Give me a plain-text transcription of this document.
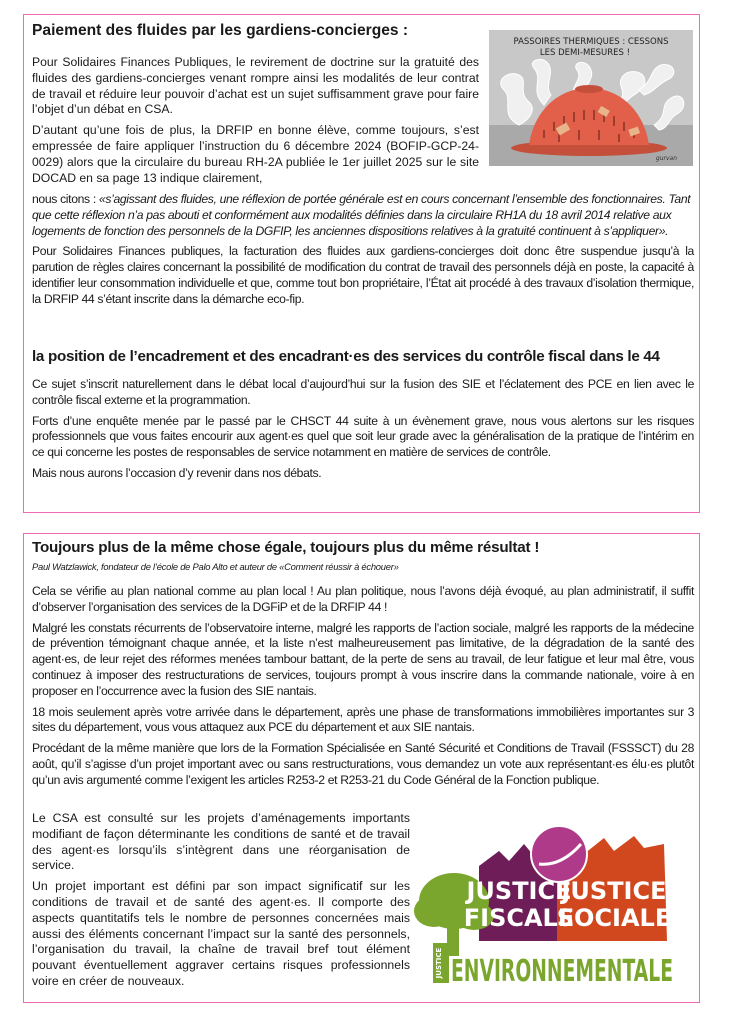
Paiement des fluides par les gardiens-concierges :

Pour Solidaires Finances Publiques, le revirement de doctrine sur la gratuité des fluides des gardiens-concierges venant rompre ainsi les modalités de leur contrat de travail et réduire leur pouvoir d’achat est un sujet suffisamment grave pour faire l’objet d’un débat en CSA.

D’autant qu’une fois de plus, la DRFIP en bonne élève, comme toujours, s’est empressée de faire appliquer l’instruction du 6 décembre 2024 (BOFIP-GCP-24-0029) alors que la circulaire du bureau RH-2A publiée le 1er juillet 2025 sur le site DOCAD en sa page 13 indique clairement,

PASSOIRES THERMIQUES : CESSONS
LES DEMI-MESURES !
gurvan

nous citons : «s’agissant des fluides, une réflexion de portée générale est en cours concernant l’ensemble des fonctionnaires. Tant que cette réflexion n’a pas abouti et conformément aux modalités définies dans la circulaire RH1A du 18 avril 2014 relative aux logements de fonction des personnels de la DGFIP, les anciennes dispositions relatives à la gratuité continuent à s’appliquer».

Pour Solidaires Finances publiques, la facturation des fluides aux gardiens-concierges doit donc être suspendue jusqu’à la parution de règles claires concernant la possibilité de modification du contrat de travail des personnels déjà en poste, la capacité à identifier leur consommation individuelle et que, comme tout bon propriétaire, l’État ait procédé à des travaux d’isolation thermique, la DRFIP 44 s’étant inscrite dans la démarche eco-fip.

la position de l’encadrement et des encadrant·es des services du contrôle fiscal dans le 44

Ce sujet s’inscrit naturellement dans le débat local d’aujourd’hui sur la fusion des SIE et l’éclatement des PCE en lien avec le contrôle fiscal externe et la programmation.

Forts d’une enquête menée par le passé par le CHSCT 44 suite à un évènement grave, nous vous alertons sur les risques professionnels que vous faites encourir aux agent·es quel que soit leur grade avec la généralisation de la pratique de l’intérim en ce qui concerne les postes de responsables de service notamment en matière de services de contrôle.

Mais nous aurons l’occasion d’y revenir dans nos débats.

Toujours plus de la même chose égale, toujours plus du même résultat !
Paul Watzlawick, fondateur de l’école de Palo Alto et auteur de «Comment réussir à échouer»

Cela se vérifie au plan national comme au plan local ! Au plan politique, nous l’avons déjà évoqué, au plan administratif, il suffit d’observer l’organisation des services de la DGFiP et de la DRFIP 44 !

Malgré les constats récurrents de l’observatoire interne, malgré les rapports de l’action sociale, malgré les rapports de la médecine de prévention témoignant chaque année, et la liste n’est malheureusement pas limitative, de la dégradation de la santé des agent·es, de leur rejet des réformes menées tambour battant, de la perte de sens au travail, de leur fatigue et leur mal être, vous continuez à imposer des restructurations de services, toujours prompt à vous inscrire dans la commande nationale, voire à en proposer en l’occurrence avec la fusion des SIE nantais.

18 mois seulement après votre arrivée dans le département, après une phase de transformations immobilières importantes sur 3 sites du département, vous vous attaquez aux PCE du département et aux SIE nantais.

Procédant de la même manière que lors de la Formation Spécialisée en Santé Sécurité et Conditions de Travail (FSSSCT) du 28 août, qu’il s’agisse d’un projet important avec ou sans restructurations, vous demandez un vote aux représentant·es élu·es plutôt qu’un avis argumenté comme l’exigent les articles R253-2 et R253-21 du Code Général de la Fonction publique.

Le CSA est consulté sur les projets d’aménagements importants modifiant de façon déterminante les conditions de santé et de travail des agent·es lorsqu’ils s’intègrent dans une réorganisation de service.

Un projet important est défini par son impact significatif sur les conditions de travail et de santé des agent·es. Il comporte des aspects quantitatifs tels le nombre de personnes concernées mais aussi des éléments concernant l’impact sur la santé des personnels, l’organisation du travail, la chaîne de travail bref tout élément pouvant éventuellement aggraver certains risques professionnels voire en créer de nouveaux.

JUSTICE
FISCALE
JUSTICE
SOCIALE
JUSTICE ENVIRONNEMENTALE
